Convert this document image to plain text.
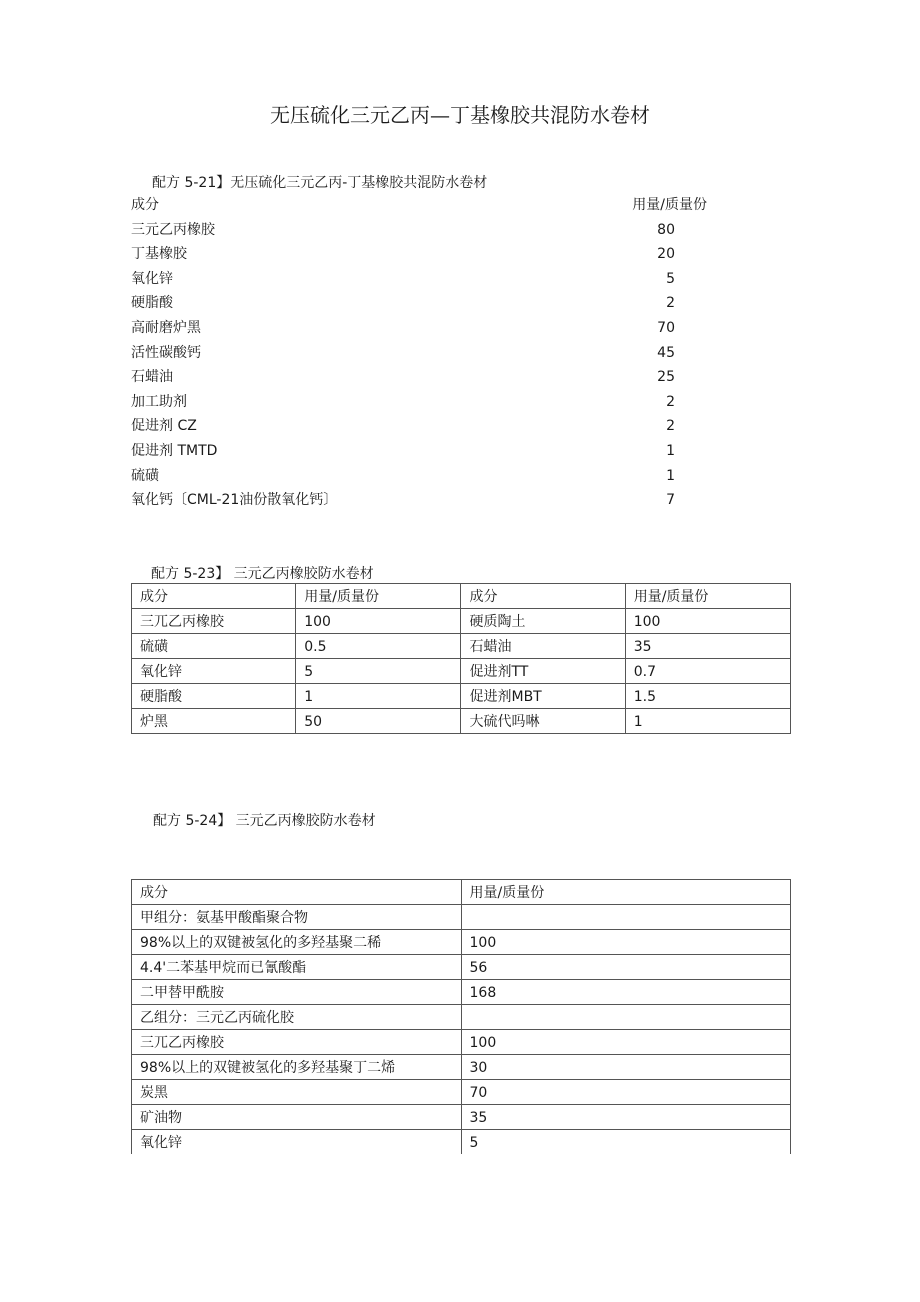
无压硫化三元乙丙—丁基橡胶共混防水卷材
配方 5-21】无压硫化三元乙丙-丁基橡胶共混防水卷材
成分	用量/质量份
三元乙丙橡胶	80
丁基橡胶	20
氧化锌	5
硬脂酸	2
高耐磨炉黑	70
活性碳酸钙	45
石蜡油	25
加工助剂	2
促进剂 CZ	2
促进剂 TMTD	1
硫磺	1
氧化钙〔CML-21油份散氧化钙〕	7
配方 5-23】 三元乙丙橡胶防水卷材
成分	用量/质量份	成分	用量/质量份
三兀乙丙橡胶	100	硬质陶土	100
硫磺	0.5	石蜡油	35
氧化锌	5	促进剂TT	0.7
硬脂酸	1	促进剂MBT	1.5
炉黑	50	大硫代吗啉	1
配方 5-24】 三元乙丙橡胶防水卷材
成分	用量/质量份
甲组分：氨基甲酸酯聚合物	
98%以上的双键被氢化的多羟基聚二稀	100
4.4'二苯基甲烷而已氰酸酯	56
二甲替甲酰胺	168
乙组分：三元乙丙硫化胶	
三兀乙丙橡胶	100
98%以上的双键被氢化的多羟基聚丁二烯	30
炭黑	70
矿油物	35
氧化锌	5
